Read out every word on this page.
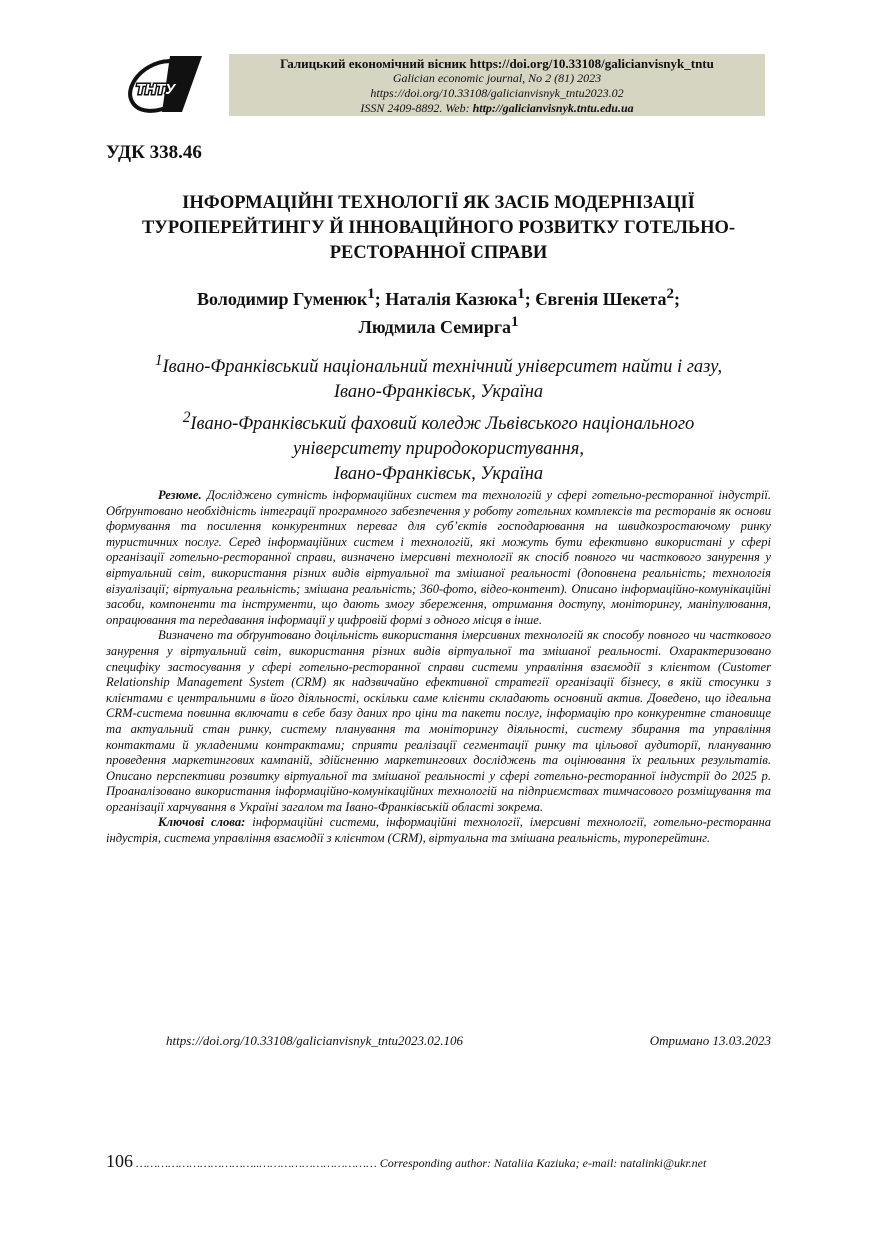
ТНТУ
Галицький економічний вісник https://doi.org/10.33108/galicianvisnyk_tntu
Galician economic journal, No 2 (81) 2023
https://doi.org/10.33108/galicianvisnyk_tntu2023.02
ISSN 2409-8892. Web: http://galicianvisnyk.tntu.edu.ua
УДК 338.46
ІНФОРМАЦІЙНІ ТЕХНОЛОГІЇ ЯК ЗАСІБ МОДЕРНІЗАЦІЇ
ТУРОПЕРЕЙТИНГУ Й ІННОВАЦІЙНОГО РОЗВИТКУ ГОТЕЛЬНО-
РЕСТОРАННОЇ СПРАВИ
Володимир Гуменюк$^1$; Наталія Казюка$^1$; Євгенія Шекета$^2$;
Людмила Семирга$^1$
$^1$Івано-Франківський національний технічний університет найти і газу,
Івано-Франківськ, Україна
$^2$Івано-Франківський фаховий коледж Львівського національного
університету природокористування,
Івано-Франківськ, Україна

Резюме. Досліджено сутність інформаційних систем та технологій у сфері готельно-ресторанної індустрії. Обґрунтовано необхідність інтеграції програмного забезпечення у роботу готельних комплексів та ресторанів як основи формування та посилення конкурентних переваг для суб’єктів господарювання на швидкозростаючому ринку туристичних послуг. Серед інформаційних систем і технологій, які можуть бути ефективно використані у сфері організації готельно-ресторанної справи, визначено імерсивні технології як спосіб повного чи часткового занурення у віртуальний світ, використання різних видів віртуальної та змішаної реальності (доповнена реальність; технологія візуалізації; віртуальна реальність; змішана реальність; 360-фото, відео-контент). Описано інформаційно-комунікаційні засоби, компоненти та інструменти, що дають змогу збереження, отримання доступу, моніторингу, маніпулювання, опрацювання та передавання інформації у цифровій формі з одного місця в інше.

Визначено та обґрунтовано доцільність використання імерсивних технологій як способу повного чи часткового занурення у віртуальний світ, використання різних видів віртуальної та змішаної реальності. Охарактеризовано специфіку застосування у сфері готельно-ресторанної справи системи управління взаємодії з клієнтом (Customer Relationship Management System (CRM) як надзвичайно ефективної стратегії організації бізнесу, в якій стосунки з клієнтами є центральними в його діяльності, оскільки саме клієнти складають основний актив. Доведено, що ідеальна CRM-система повинна включати в себе базу даних про ціни та пакети послуг, інформацію про конкурентне становище та актуальний стан ринку, систему планування та моніторингу діяльності, систему збирання та управління контактами й укладеними контрактами; сприяти реалізації сегментації ринку та цільової аудиторії, плануванню проведення маркетингових кампаній, здійсненню маркетингових досліджень та оцінювання їх реальних результатів. Описано перспективи розвитку віртуальної та змішаної реальності у сфері готельно-ресторанної індустрії до 2025 р. Проаналізовано використання інформаційно-комунікаційних технологій на підприємствах тимчасового розміщування та організації харчування в Україні загалом та Івано-Франківській області зокрема.

Ключові слова: інформаційні системи, інформаційні технології, імерсивні технології, готельно-ресторанна індустрія, система управління взаємодії з клієнтом (CRM), віртуальна та змішана реальність, туроперейтинг.

https://doi.org/10.33108/galicianvisnyk_tntu2023.02.106	Отримано 13.03.2023
106 ……………………………..…………………………… Corresponding author: Nataliia Kaziuka; e-mail: natalinki@ukr.net
